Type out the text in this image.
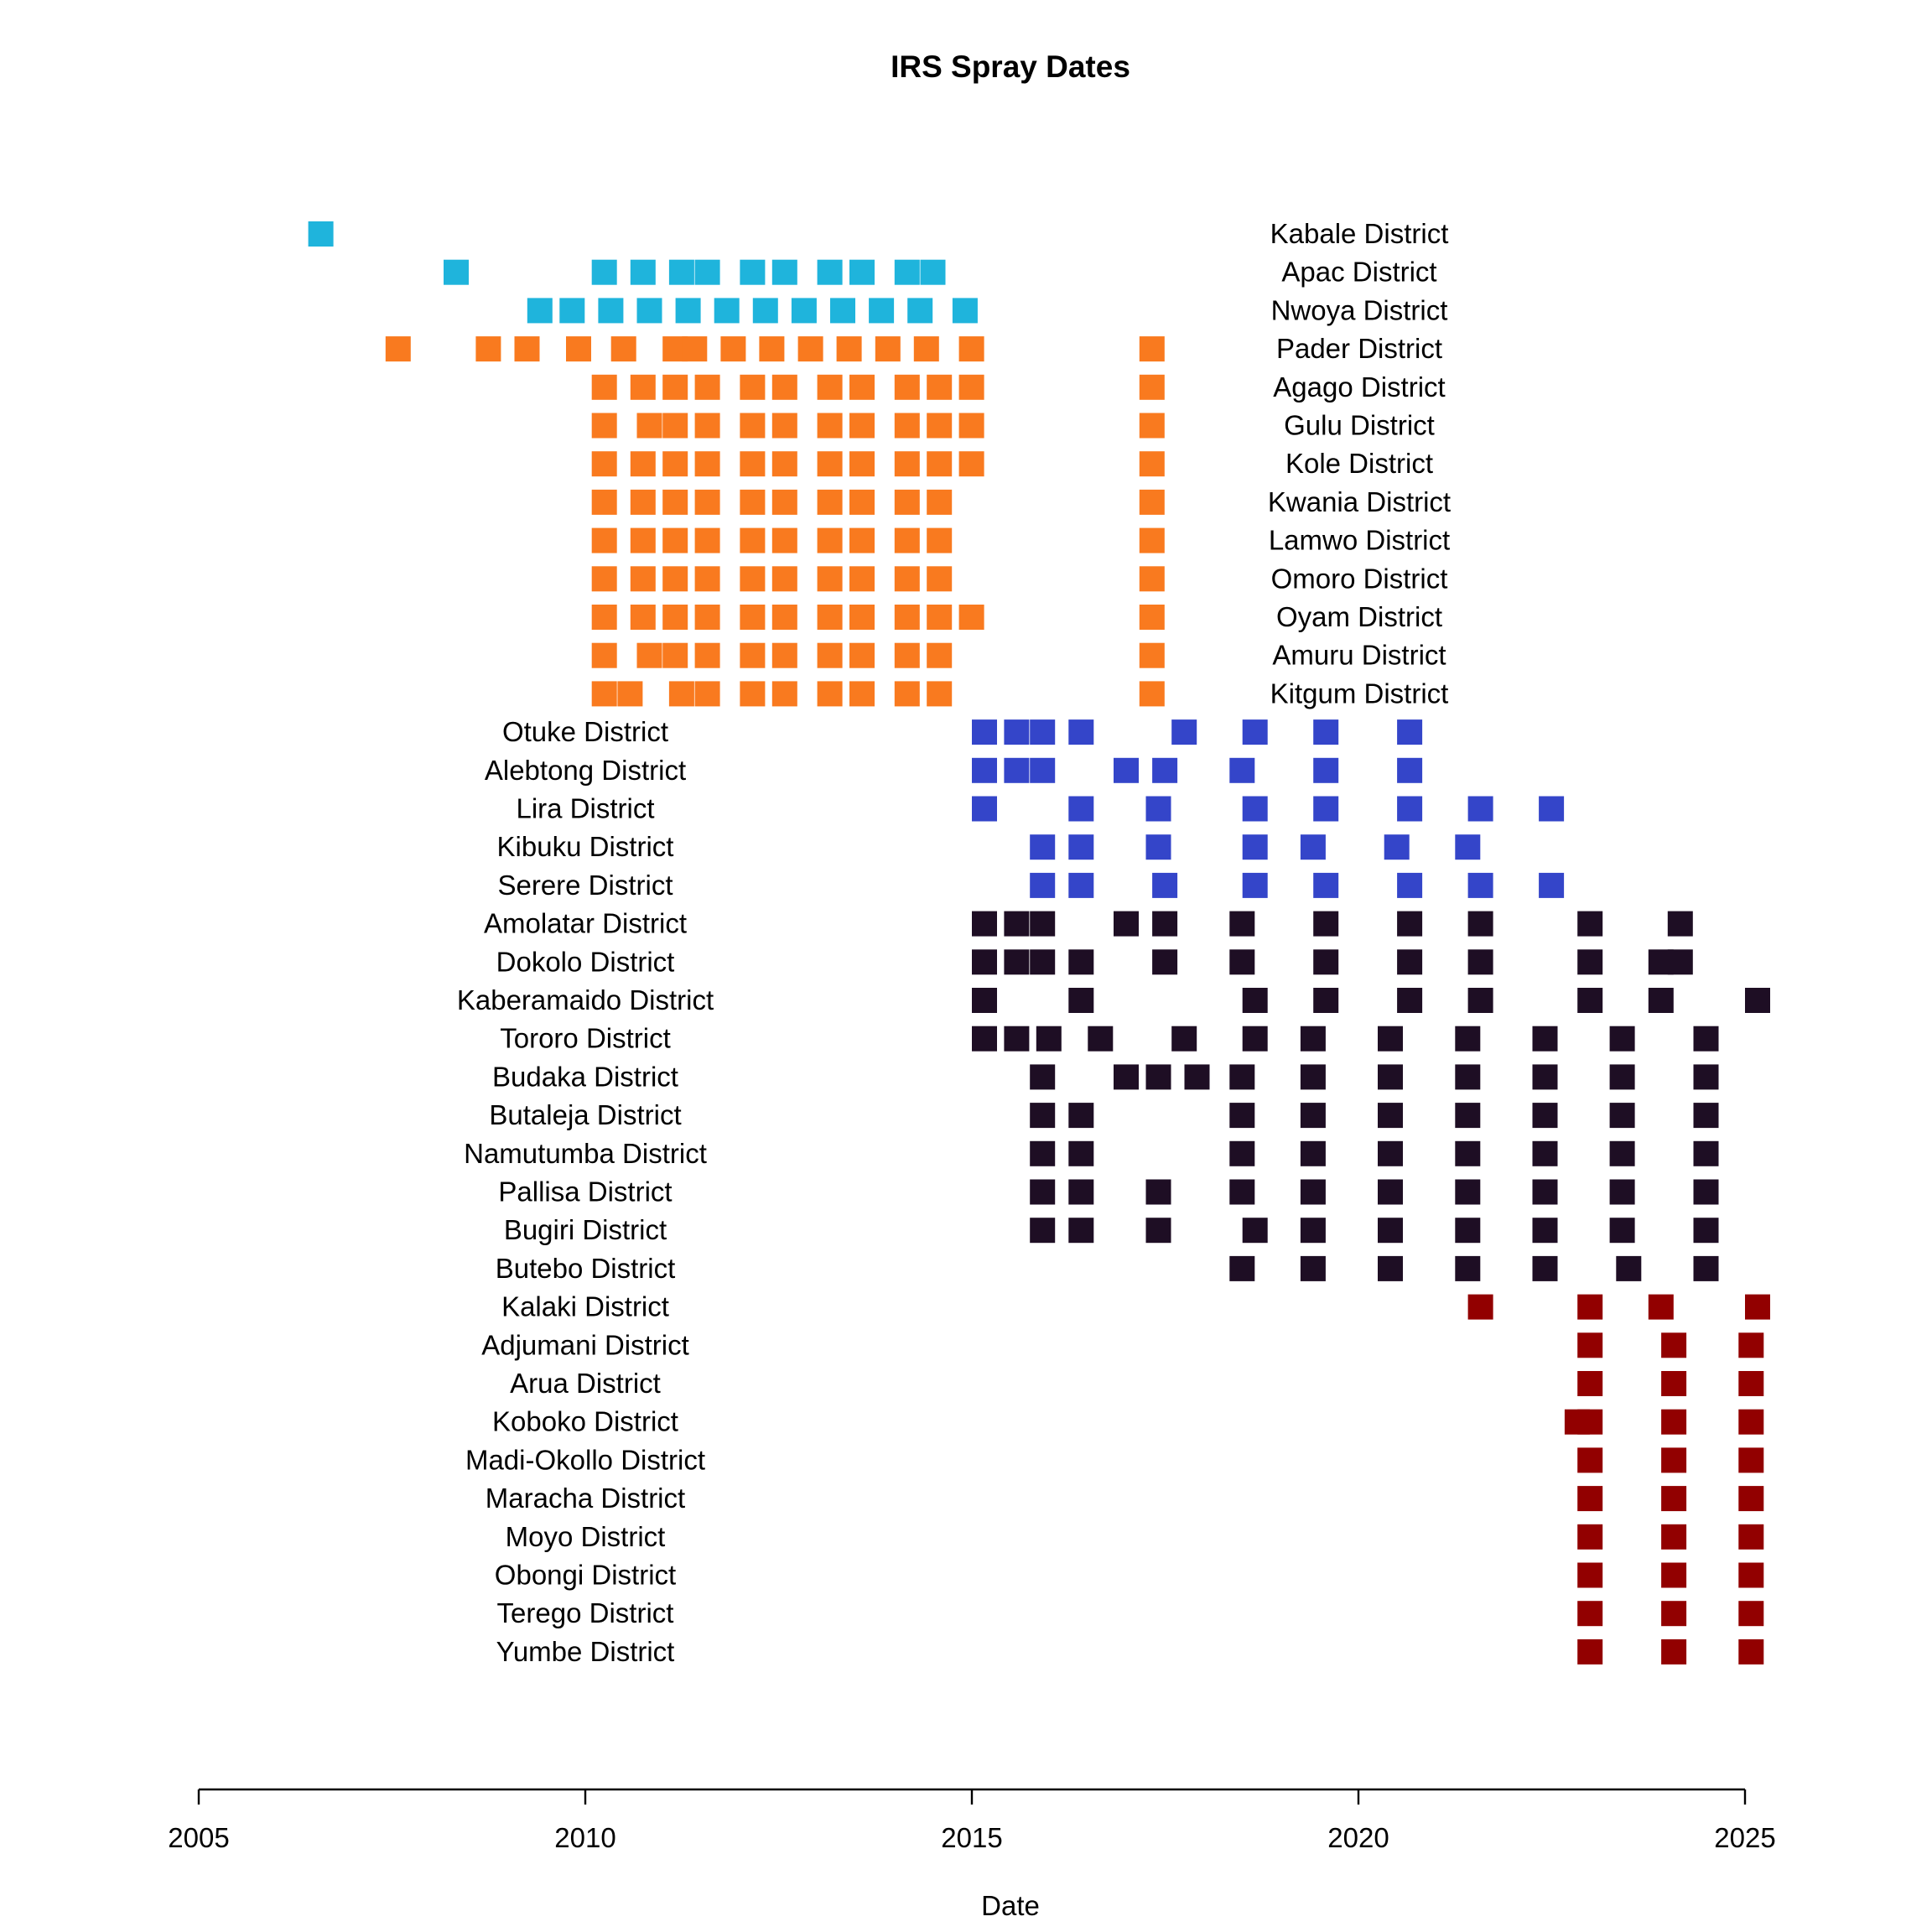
IRS Spray Dates
Kabale District
Apac District
Nwoya District
Pader District
Agago District
Gulu District
Kole District
Kwania District
Lamwo District
Omoro District
Oyam District
Amuru District
Kitgum District
Otuke District
Alebtong District
Lira District
Kibuku District
Serere District
Amolatar District
Dokolo District
Kaberamaido District
Tororo District
Budaka District
Butaleja District
Namutumba District
Pallisa District
Bugiri District
Butebo District
Kalaki District
Adjumani District
Arua District
Koboko District
Madi-Okollo District
Maracha District
Moyo District
Obongi District
Terego District
Yumbe District
2005	2010	2015	2020	2025
Date
